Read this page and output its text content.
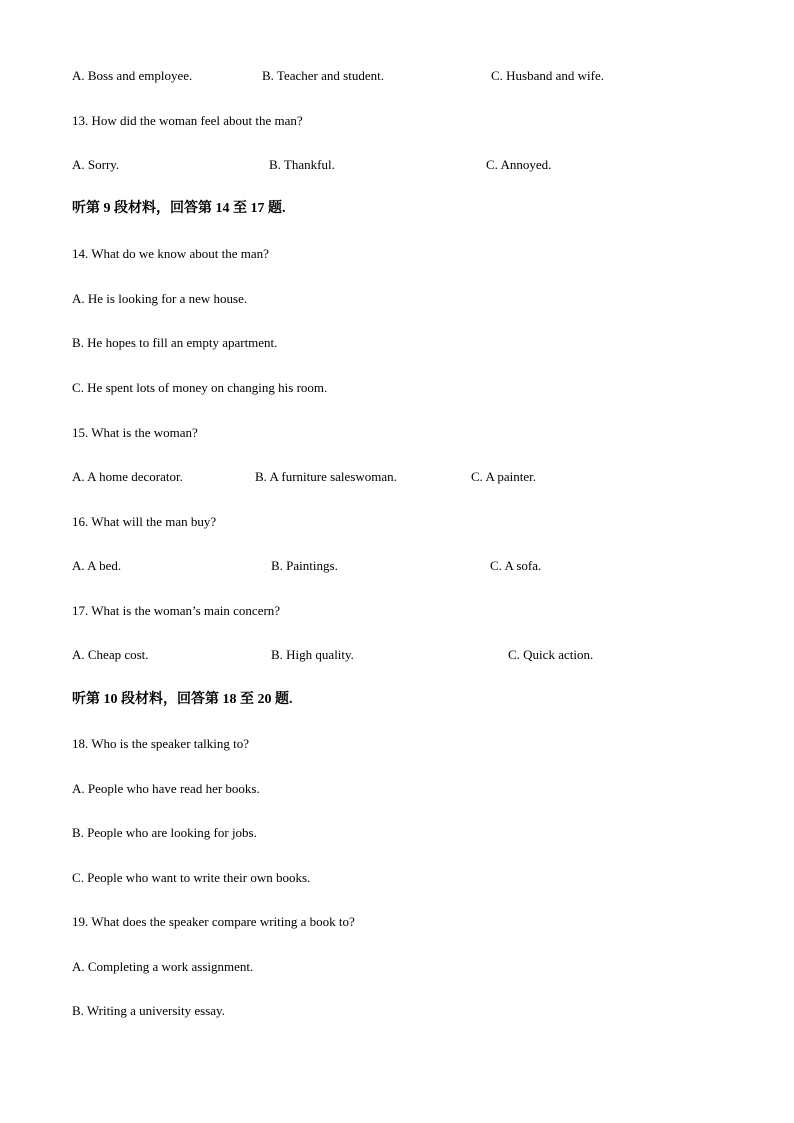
A. Boss and employee.	B. Teacher and student.	C. Husband and wife.
13. How did the woman feel about the man?
A. Sorry.	B. Thankful.	C. Annoyed.
听第 9 段材料，回答第 14 至 17 题.
14. What do we know about the man?
A. He is looking for a new house.
B. He hopes to fill an empty apartment.
C. He spent lots of money on changing his room.
15. What is the woman?
A. A home decorator.	B. A furniture saleswoman.	C. A painter.
16. What will the man buy?
A. A bed.	B. Paintings.	C. A sofa.
17. What is the woman’s main concern?
A. Cheap cost.	B. High quality.	C. Quick action.
听第 10 段材料，回答第 18 至 20 题.
18. Who is the speaker talking to?
A. People who have read her books.
B. People who are looking for jobs.
C. People who want to write their own books.
19. What does the speaker compare writing a book to?
A. Completing a work assignment.
B. Writing a university essay.
